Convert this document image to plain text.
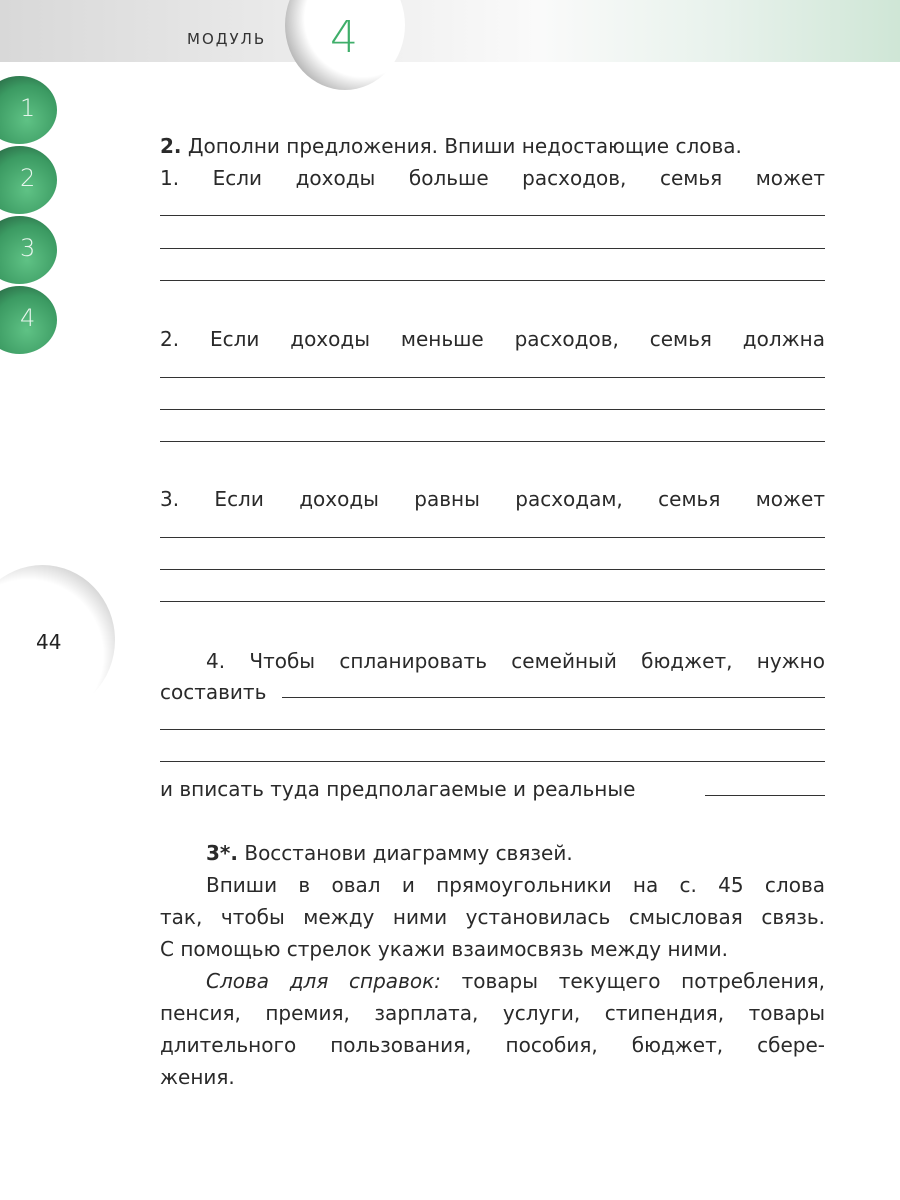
МОДУЛЬ 4
1
2
3
4
44
2. Дополни предложения. Впиши недостающие слова.
1. Если доходы больше расходов, семья может
2. Если доходы меньше расходов, семья должна
3. Если доходы равны расходам, семья может
4. Чтобы спланировать семейный бюджет, нужно
составить
и вписать туда предполагаемые и реальные
3*. Восстанови диаграмму связей.
Впиши в овал и прямоугольники на с. 45 слова
так, чтобы между ними установилась смысловая связь.
С помощью стрелок укажи взаимосвязь между ними.
Слова для справок: товары текущего потребления,
пенсия, премия, зарплата, услуги, стипендия, товары
длительного пользования, пособия, бюджет, сбере-
жения.
